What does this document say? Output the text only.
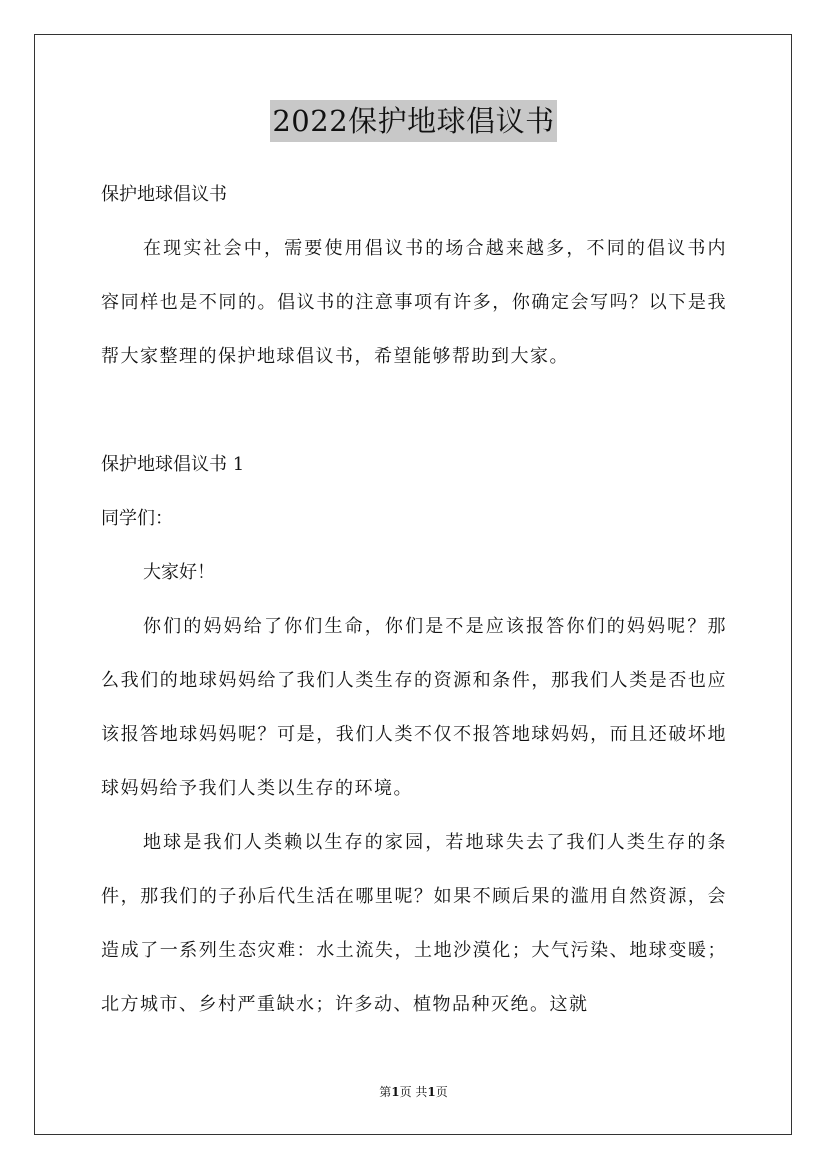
2022保护地球倡议书
保护地球倡议书

在现实社会中，需要使用倡议书的场合越来越多，不同的倡议书内容同样也是不同的。倡议书的注意事项有许多，你确定会写吗？以下是我帮大家整理的保护地球倡议书，希望能够帮助到大家。

保护地球倡议书 1
同学们：
大家好！

你们的妈妈给了你们生命，你们是不是应该报答你们的妈妈呢？那么我们的地球妈妈给了我们人类生存的资源和条件，那我们人类是否也应该报答地球妈妈呢？可是，我们人类不仅不报答地球妈妈，而且还破坏地球妈妈给予我们人类以生存的环境。

地球是我们人类赖以生存的家园，若地球失去了我们人类生存的条件，那我们的子孙后代生活在哪里呢？如果不顾后果的滥用自然资源，会造成了一系列生态灾难：水土流失，土地沙漠化；大气污染、地球变暖；北方城市、乡村严重缺水；许多动、植物品种灭绝。这就

第1页 共1页
